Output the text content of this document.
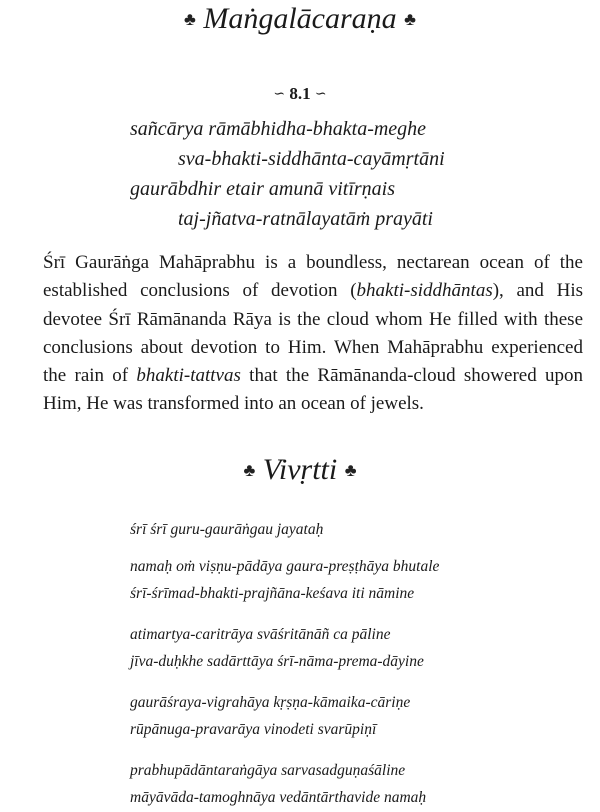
♣ Maṅgalācaraṇa ♣
∽ 8.1 ∽
sañcārya rāmābhidha-bhakta-meghe
sva-bhakti-siddhānta-cayāmṛtāni
gaurābdhir etair amunā vitīrṇais
taj-jñatva-ratnālayatāṁ prayāti

Śrī Gaurāṅga Mahāprabhu is a boundless, nectarean ocean of the established conclusions of devotion (bhakti-siddhāntas), and His devotee Śrī Rāmānanda Rāya is the cloud whom He filled with these conclusions about devotion to Him. When Mahāprabhu experienced the rain of bhakti-tattvas that the Rāmānanda-cloud showered upon Him, He was transformed into an ocean of jewels.

♣ Vivṛtti ♣
śrī śrī guru-gaurāṅgau jayataḥ
namaḥ oṁ viṣṇu-pādāya gaura-preṣṭhāya bhutale
śrī-śrīmad-bhakti-prajñāna-keśava iti nāmine
atimartya-caritrāya svāśritānāñ ca pāline
jīva-duḥkhe sadārttāya śrī-nāma-prema-dāyine
gaurāśraya-vigrahāya kṛṣṇa-kāmaika-cāriṇe
rūpānuga-pravarāya vinodeti svarūpiṇī
prabhupādāntaraṅgāya sarvasadguṇaśāline
māyāvāda-tamoghnāya vedāntārthavide namaḥ
